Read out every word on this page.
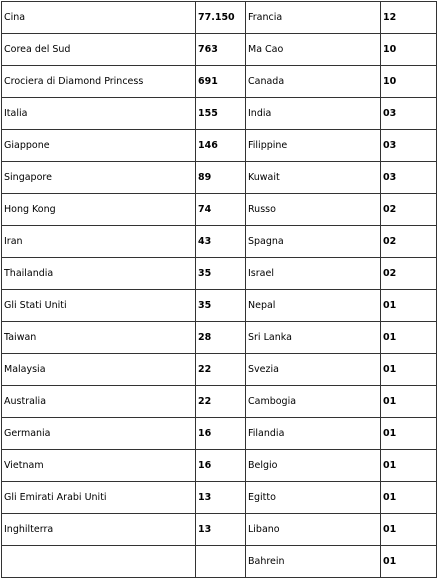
Cina	77.150	Francia	12
Corea del Sud	763	Ma Cao	10
Crociera di Diamond Princess	691	Canada	10
Italia	155	India	03
Giappone	146	Filippine	03
Singapore	89	Kuwait	03
Hong Kong	74	Russo	02
Iran	43	Spagna	02
Thailandia	35	Israel	02
Gli Stati Uniti	35	Nepal	01
Taiwan	28	Sri Lanka	01
Malaysia	22	Svezia	01
Australia	22	Cambogia	01
Germania	16	Filandia	01
Vietnam	16	Belgio	01
Gli Emirati Arabi Uniti	13	Egitto	01
Inghilterra	13	Libano	01
		Bahrein	01
